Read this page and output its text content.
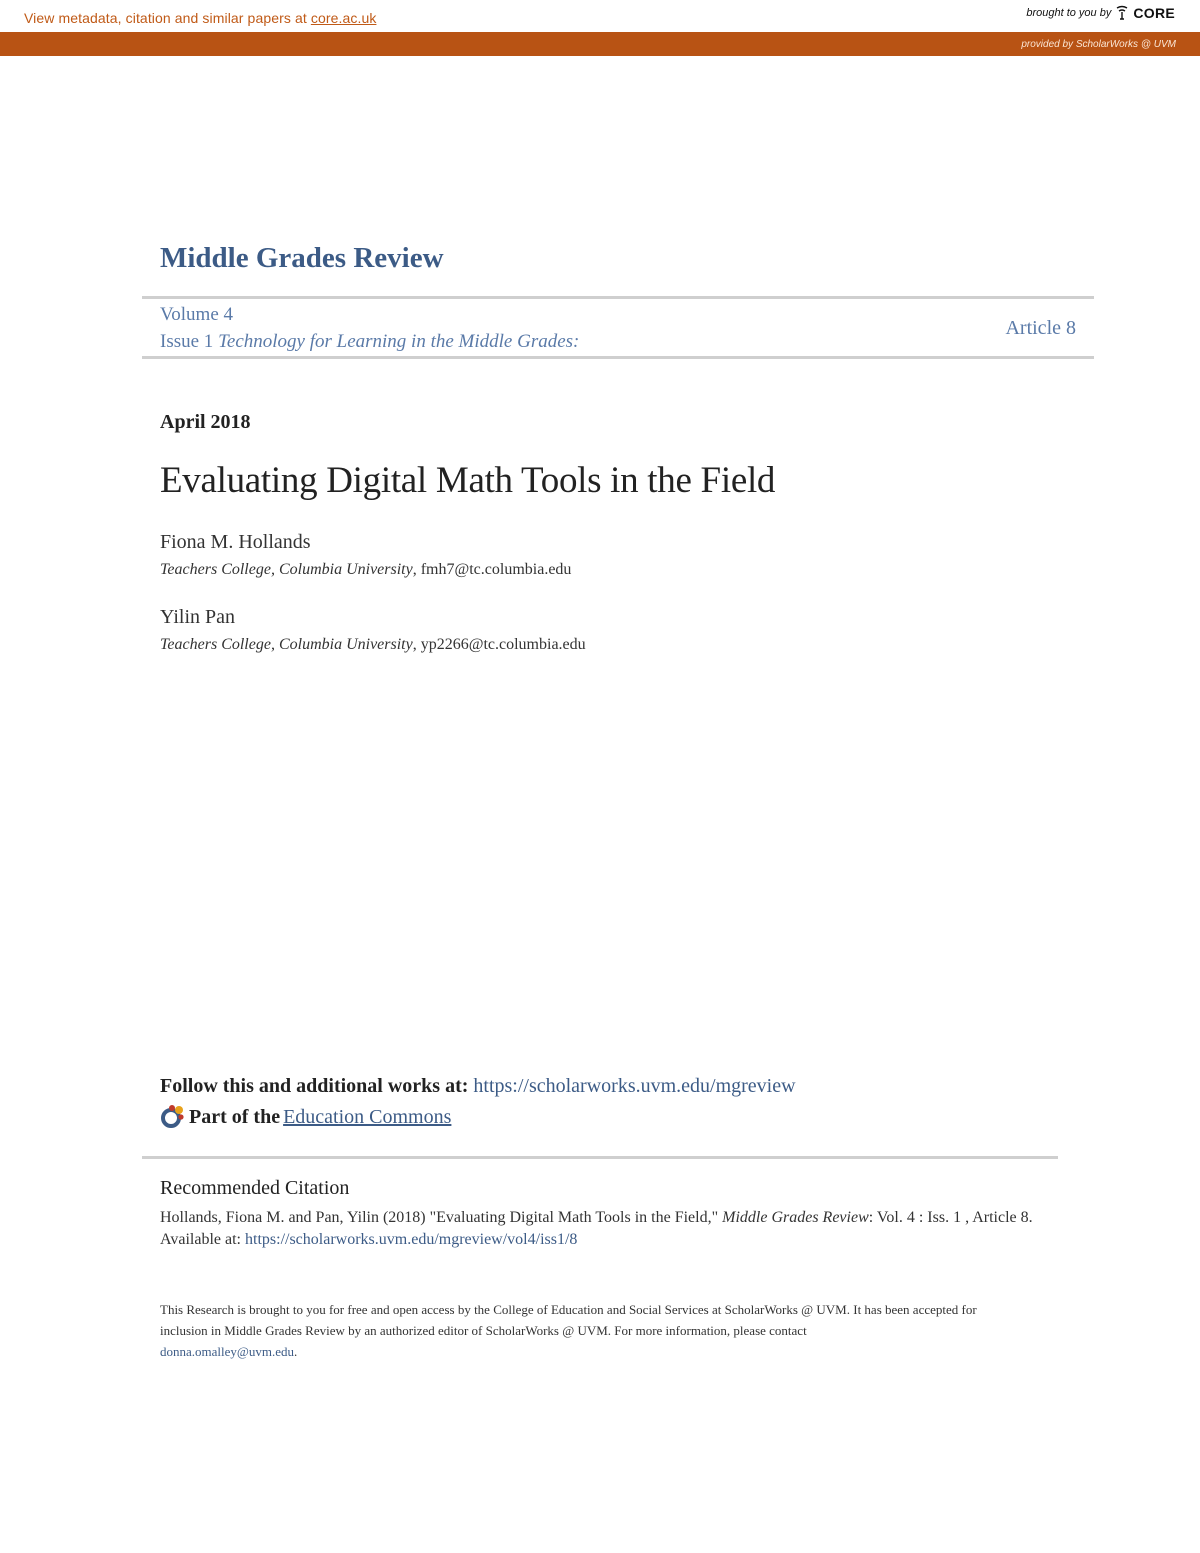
View metadata, citation and similar papers at core.ac.uk	brought to you by CORE
provided by ScholarWorks @ UVM
Middle Grades Review
Volume 4
Issue 1 Technology for Learning in the Middle Grades:
Article 8
April 2018
Evaluating Digital Math Tools in the Field
Fiona M. Hollands
Teachers College, Columbia University, fmh7@tc.columbia.edu
Yilin Pan
Teachers College, Columbia University, yp2266@tc.columbia.edu
Follow this and additional works at: https://scholarworks.uvm.edu/mgreview
Part of the Education Commons
Recommended Citation
Hollands, Fiona M. and Pan, Yilin (2018) "Evaluating Digital Math Tools in the Field," Middle Grades Review: Vol. 4 : Iss. 1 , Article 8.
Available at: https://scholarworks.uvm.edu/mgreview/vol4/iss1/8
This Research is brought to you for free and open access by the College of Education and Social Services at ScholarWorks @ UVM. It has been accepted for inclusion in Middle Grades Review by an authorized editor of ScholarWorks @ UVM. For more information, please contact
donna.omalley@uvm.edu.
